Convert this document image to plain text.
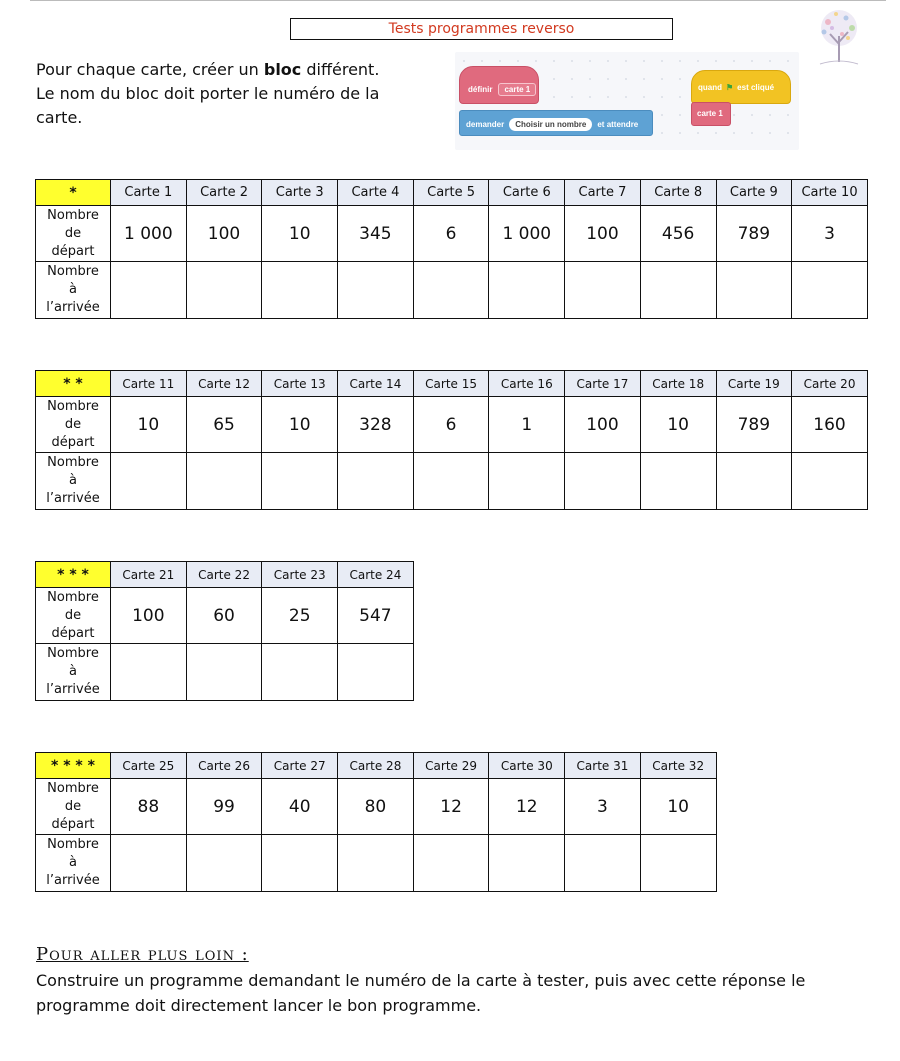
Tests programmes reverso
Pour chaque carte, créer un bloc différent.
Le nom du bloc doit porter le numéro de la carte.
définir carte 1
demander Choisir un nombre et attendre
quand ⚑ est cliqué
carte 1
*	Carte 1	Carte 2	Carte 3	Carte 4	Carte 5	Carte 6	Carte 7	Carte 8	Carte 9	Carte 10

Nombre
de
départ	1 000	100	10	345	6	1 000	100	456	789	3

Nombre
à
l’arrivée										

* *	Carte 11	Carte 12	Carte 13	Carte 14	Carte 15	Carte 16	Carte 17	Carte 18	Carte 19	Carte 20

Nombre
de
départ	10	65	10	328	6	1	100	10	789	160

Nombre
à
l’arrivée										

* * *	Carte 21	Carte 22	Carte 23	Carte 24

Nombre
de
départ	100	60	25	547

Nombre
à
l’arrivée				

* * * *	Carte 25	Carte 26	Carte 27	Carte 28	Carte 29	Carte 30	Carte 31	Carte 32

Nombre
de
départ	88	99	40	80	12	12	3	10

Nombre
à
l’arrivée								

Pour aller plus loin :
Construire un programme demandant le numéro de la carte à tester, puis avec cette réponse le programme doit directement lancer le bon programme.
